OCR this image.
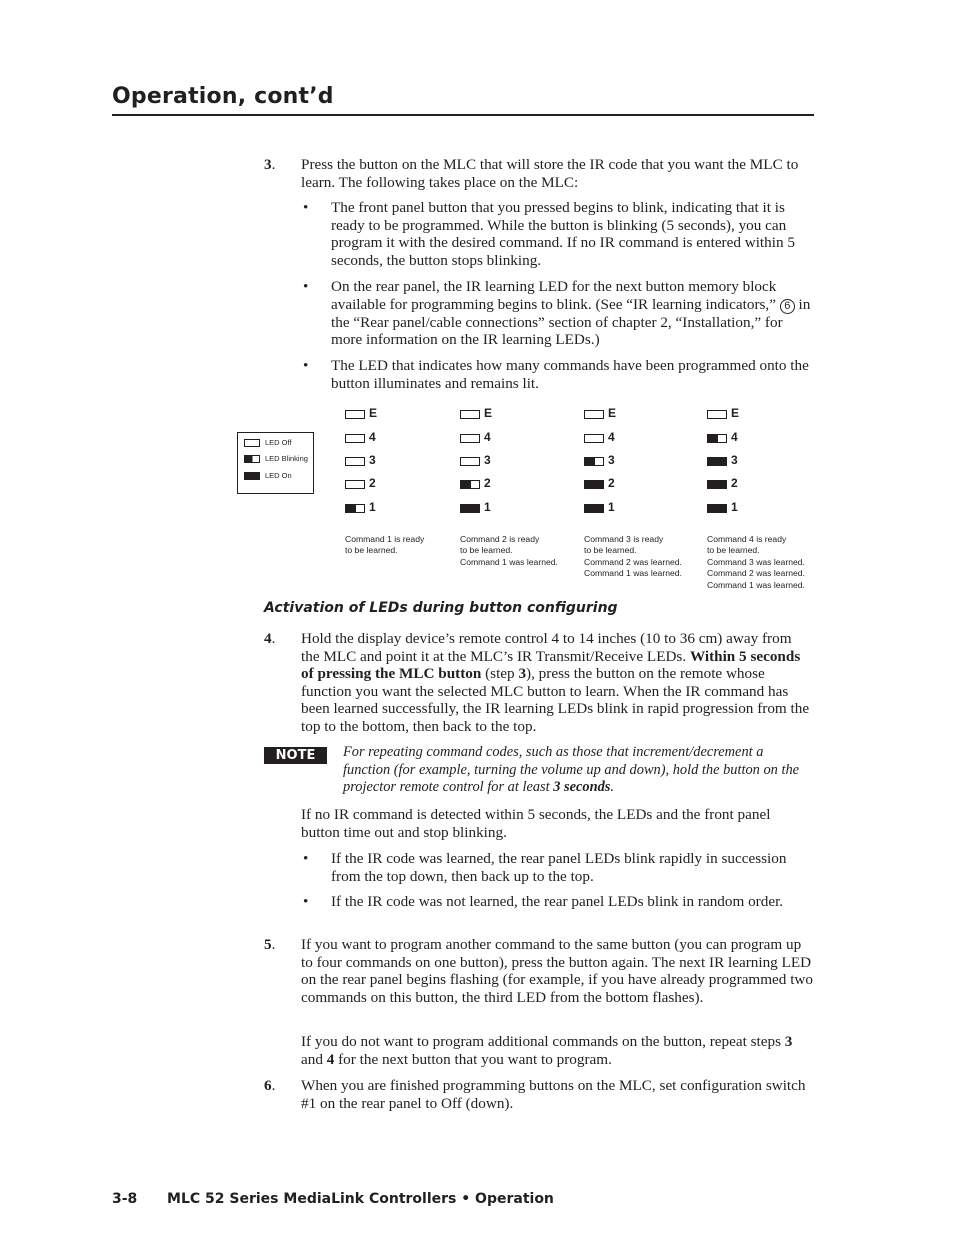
Operation, cont’d
3. Press the button on the MLC that will store the IR code that you want the MLC to learn. The following takes place on the MLC:
• The front panel button that you pressed begins to blink, indicating that it is ready to be programmed. While the button is blinking (5 seconds), you can program it with the desired command. If no IR command is entered within 5 seconds, the button stops blinking.
• On the rear panel, the IR learning LED for the next button memory block available for programming begins to blink. (See “IR learning indicators,” 6 in the “Rear panel/cable connections” section of chapter 2, “Installation,” for more information on the IR learning LEDs.)
• The LED that indicates how many commands have been programmed onto the button illuminates and remains lit.
LED Off
LED Blinking
LED On
E
4
3
2
1
Command 1 is ready
to be learned.
E
4
3
2
1
Command 2 is ready
to be learned.
Command 1 was learned.
E
4
3
2
1
Command 3 is ready
to be learned.
Command 2 was learned.
Command 1 was learned.
E
4
3
2
1
Command 4 is ready
to be learned.
Command 3 was learned.
Command 2 was learned.
Command 1 was learned.
Activation of LEDs during button configuring
4. Hold the display device’s remote control 4 to 14 inches (10 to 36 cm) away from the MLC and point it at the MLC’s IR Transmit/Receive LEDs. Within 5 seconds of pressing the MLC button (step 3), press the button on the remote whose function you want the selected MLC button to learn. When the IR command has been learned successfully, the IR learning LEDs blink in rapid progression from the top to the bottom, then back to the top.
NOTE	For repeating command codes, such as those that increment/decrement a function (for example, turning the volume up and down), hold the button on the projector remote control for at least 3 seconds.
If no IR command is detected within 5 seconds, the LEDs and the front panel button time out and stop blinking.
• If the IR code was learned, the rear panel LEDs blink rapidly in succession from the top down, then back up to the top.
• If the IR code was not learned, the rear panel LEDs blink in random order.
5. If you want to program another command to the same button (you can program up to four commands on one button), press the button again. The next IR learning LED on the rear panel begins flashing (for example, if you have already programmed two commands on this button, the third LED from the bottom flashes).
If you do not want to program additional commands on the button, repeat steps 3 and 4 for the next button that you want to program.
6. When you are finished programming buttons on the MLC, set configuration switch #1 on the rear panel to Off (down).
3-8 MLC 52 Series MediaLink Controllers • Operation
